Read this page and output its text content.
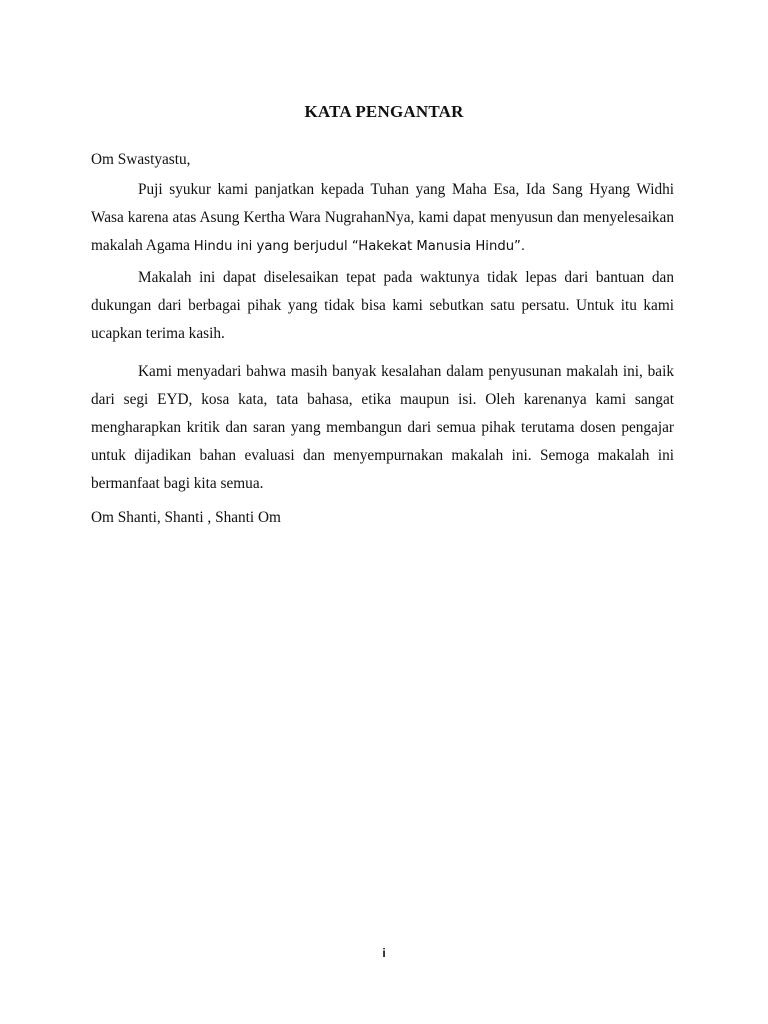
KATA PENGANTAR
Om Swastyastu,
Puji syukur kami panjatkan kepada Tuhan yang Maha Esa, Ida Sang Hyang Widhi Wasa karena atas Asung Kertha Wara NugrahanNya, kami dapat menyusun dan menyelesaikan makalah Agama Hindu ini yang berjudul “Hakekat Manusia Hindu”.
Makalah ini dapat diselesaikan tepat pada waktunya tidak lepas dari bantuan dan dukungan dari berbagai pihak yang tidak bisa kami sebutkan satu persatu. Untuk itu kami ucapkan terima kasih.
Kami menyadari bahwa masih banyak kesalahan dalam penyusunan makalah ini, baik dari segi EYD, kosa kata, tata bahasa, etika maupun isi. Oleh karenanya kami sangat mengharapkan kritik dan saran yang membangun dari semua pihak terutama dosen pengajar untuk dijadikan bahan evaluasi dan menyempurnakan makalah ini. Semoga makalah ini bermanfaat bagi kita semua.
Om Shanti, Shanti , Shanti Om
i
